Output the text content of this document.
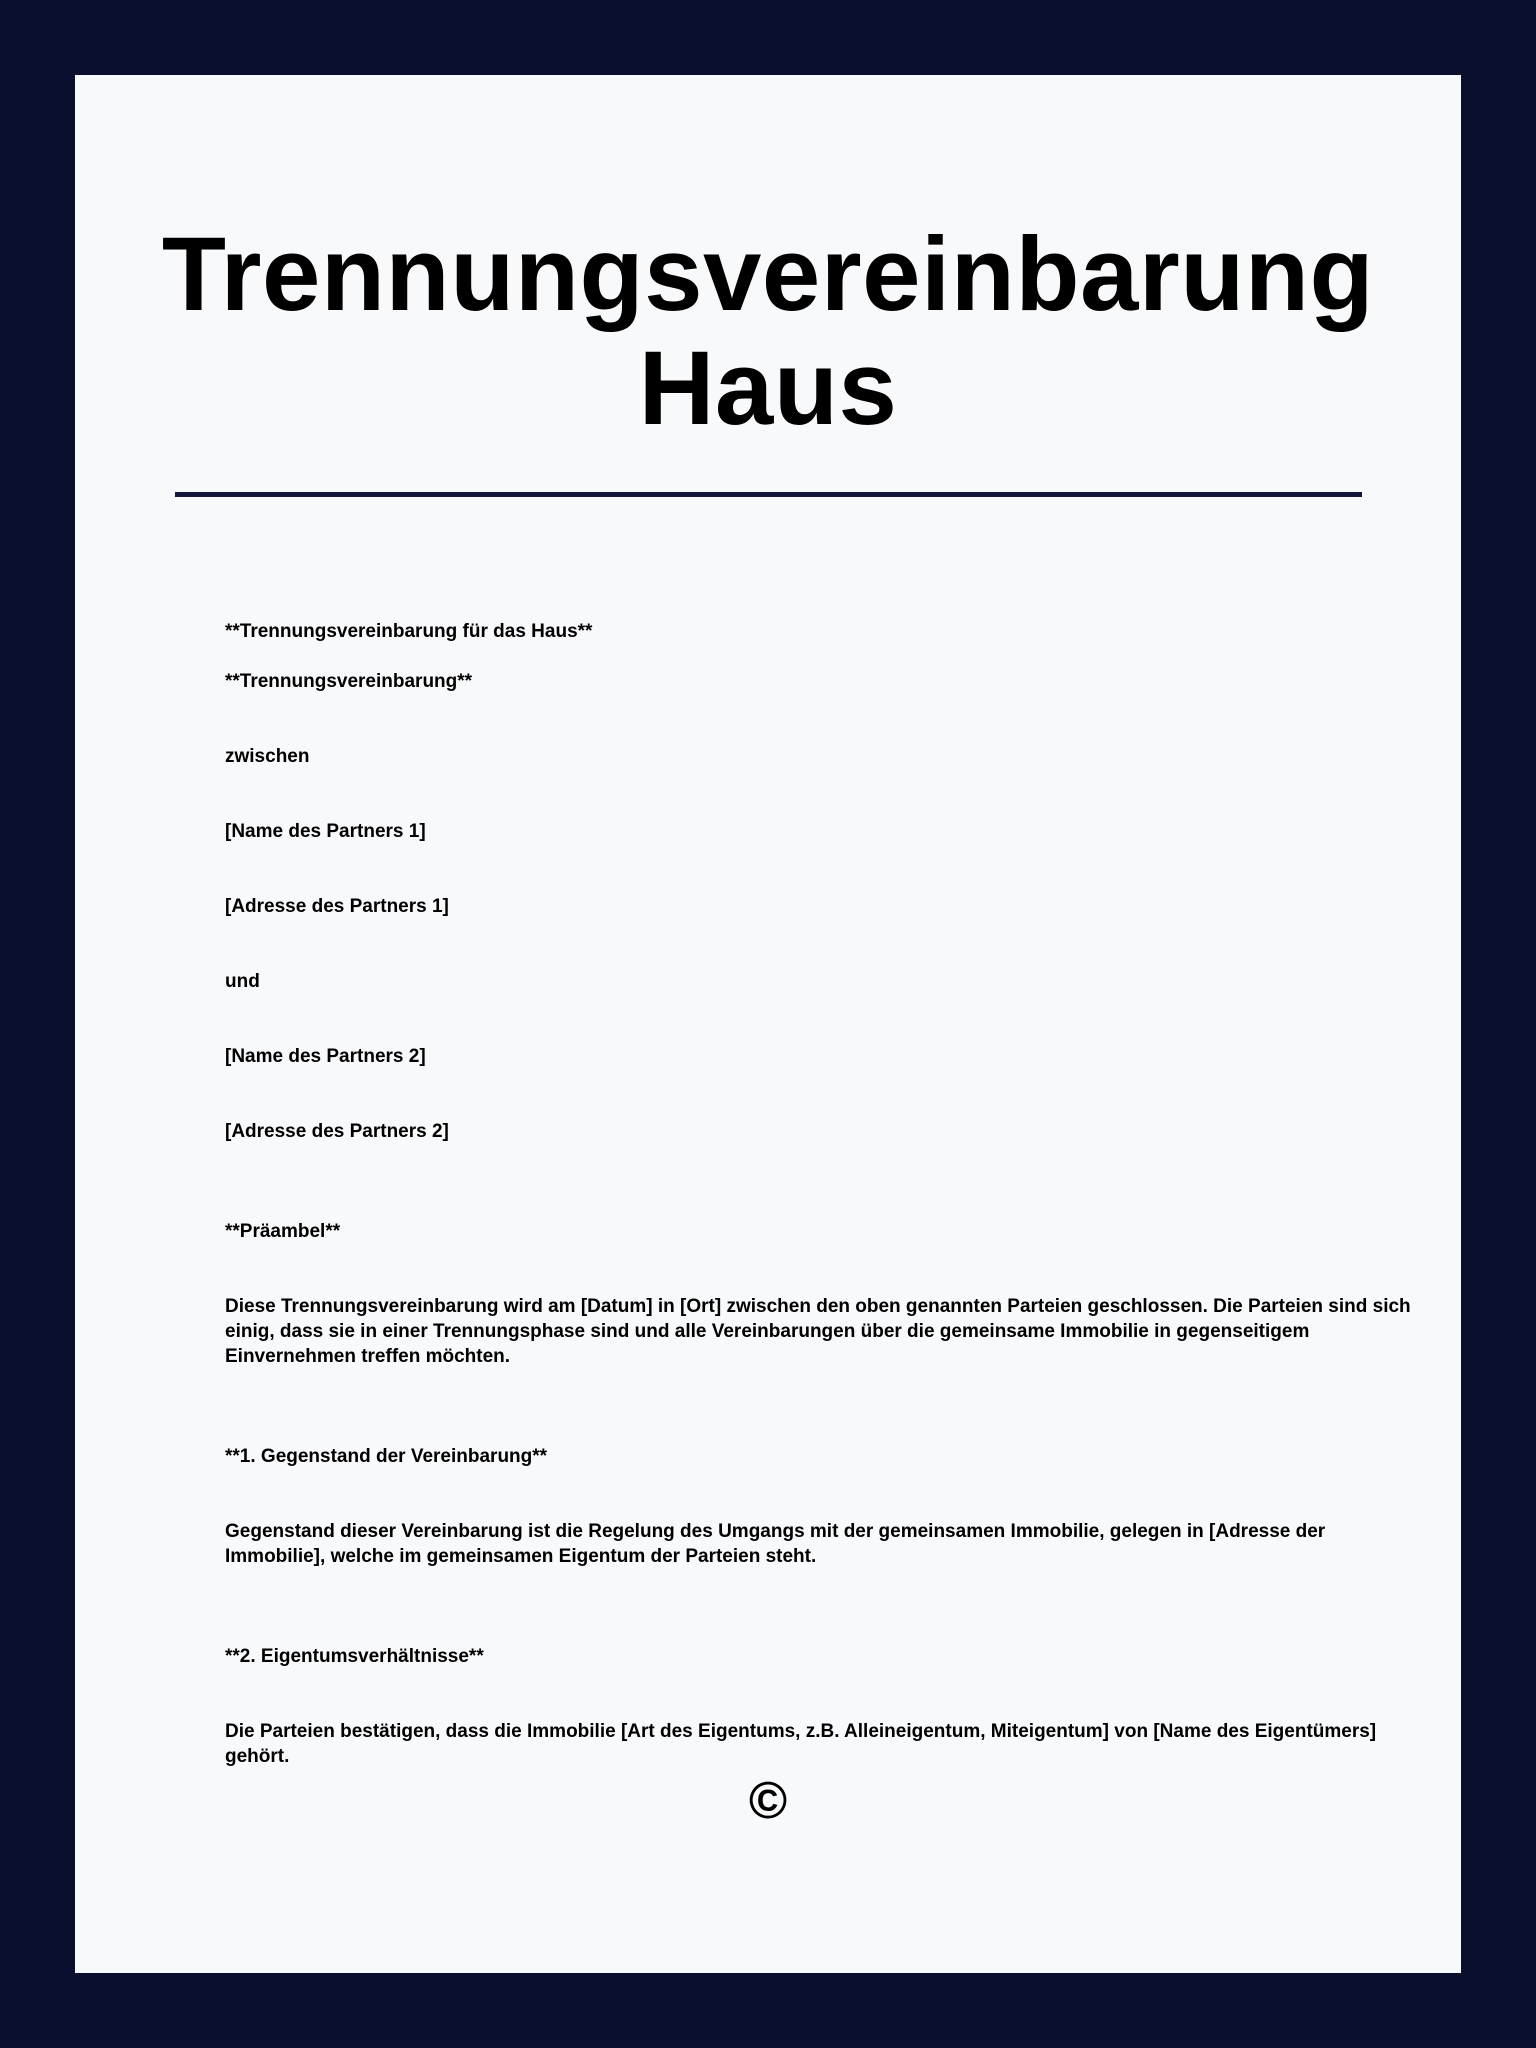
Trennungsvereinbarung
Haus

**Trennungsvereinbarung für das Haus**

**Trennungsvereinbarung**

zwischen

[Name des Partners 1]

[Adresse des Partners 1]

und

[Name des Partners 2]

[Adresse des Partners 2]

**Präambel**

Diese Trennungsvereinbarung wird am [Datum] in [Ort] zwischen den oben genannten Parteien geschlossen. Die Parteien sind sich einig, dass sie in einer Trennungsphase sind und alle Vereinbarungen über die gemeinsame Immobilie in gegenseitigem Einvernehmen treffen möchten.

**1. Gegenstand der Vereinbarung**

Gegenstand dieser Vereinbarung ist die Regelung des Umgangs mit der gemeinsamen Immobilie, gelegen in [Adresse der Immobilie], welche im gemeinsamen Eigentum der Parteien steht.

**2. Eigentumsverhältnisse**

Die Parteien bestätigen, dass die Immobilie [Art des Eigentums, z.B. Alleineigentum, Miteigentum] von [Name des Eigentümers] gehört.

©
